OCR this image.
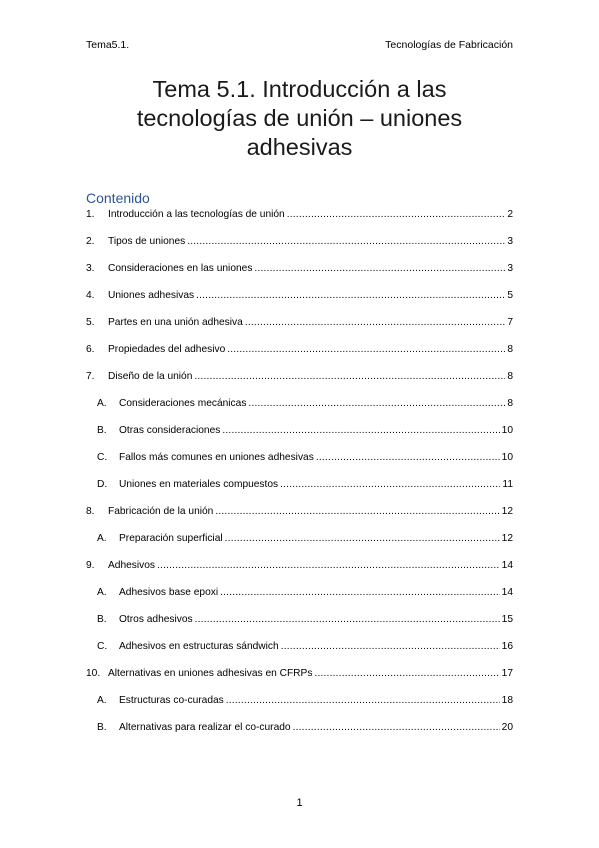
Tema5.1.	Tecnologías de Fabricación
Tema 5.1. Introducción a las
tecnologías de unión – uniones
adhesivas
Contenido
1.	Introducción a las tecnologías de unión .....	2
2.	Tipos de uniones .....	3
3.	Consideraciones en las uniones .....	3
4.	Uniones adhesivas .....	5
5.	Partes en una unión adhesiva .....	7
6.	Propiedades del adhesivo .....	8
7.	Diseño de la unión .....	8
A.	Consideraciones mecánicas .....	8
B.	Otras consideraciones .....	10
C.	Fallos más comunes en uniones adhesivas .....	10
D.	Uniones en materiales compuestos .....	11
8.	Fabricación de la unión .....	12
A.	Preparación superficial .....	12
9.	Adhesivos .....	14
A.	Adhesivos base epoxi .....	14
B.	Otros adhesivos .....	15
C.	Adhesivos en estructuras sándwich .....	16
10. Alternativas en uniones adhesivas en CFRPs .....	17
A.	Estructuras co-curadas .....	18
B.	Alternativas para realizar el co-curado .....	20
1
